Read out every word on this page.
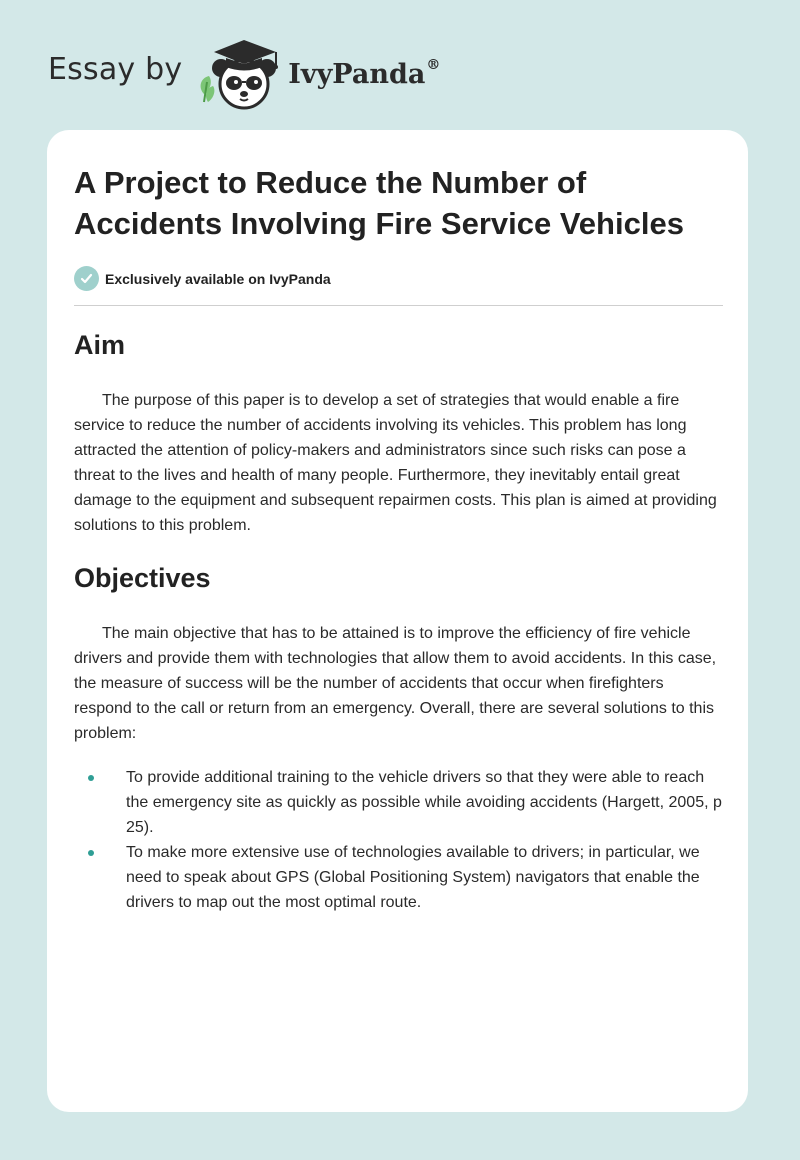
Essay by	IvyPanda®
A Project to Reduce the Number of Accidents Involving Fire Service Vehicles
Exclusively available on IvyPanda
Aim

The purpose of this paper is to develop a set of strategies that would enable a fire service to reduce the number of accidents involving its vehicles. This problem has long attracted the attention of policy-makers and administrators since such risks can pose a threat to the lives and health of many people. Furthermore, they inevitably entail great damage to the equipment and subsequent repairmen costs. This plan is aimed at providing solutions to this problem.

Objectives

The main objective that has to be attained is to improve the efficiency of fire vehicle drivers and provide them with technologies that allow them to avoid accidents. In this case, the measure of success will be the number of accidents that occur when firefighters respond to the call or return from an emergency. Overall, there are several solutions to this problem:

To provide additional training to the vehicle drivers so that they were able to reach the emergency site as quickly as possible while avoiding accidents (Hargett, 2005, p 25).
To make more extensive use of technologies available to drivers; in particular, we need to speak about GPS (Global Positioning System) navigators that enable the drivers to map out the most optimal route.
